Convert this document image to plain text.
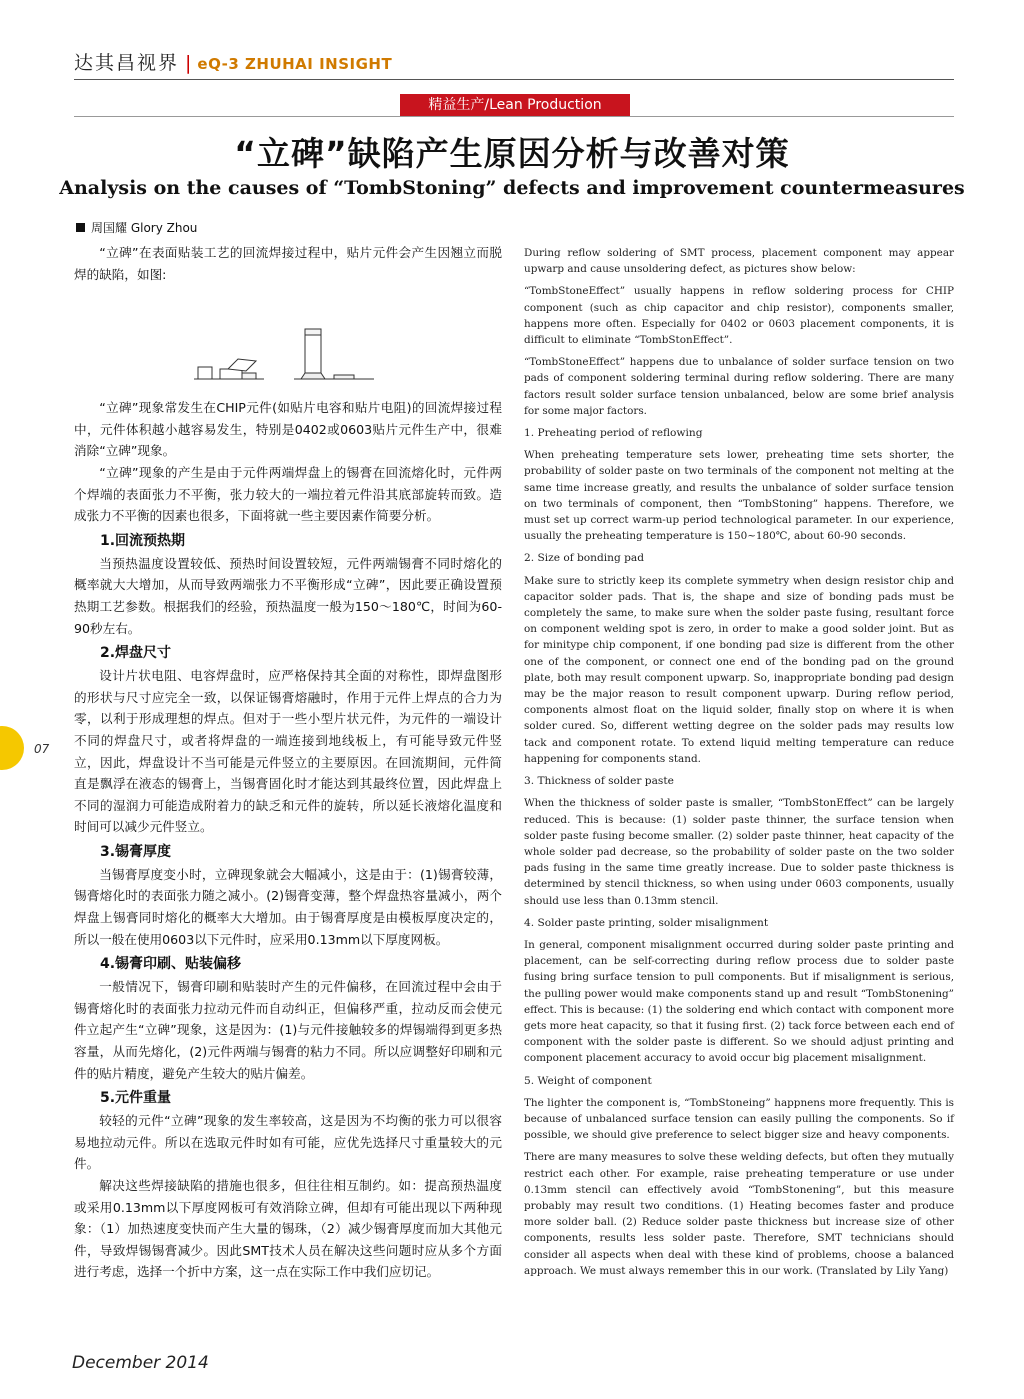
达其昌视界 | eQ-3 ZHUHAI INSIGHT
精益生产/Lean Production
“立碑”缺陷产生原因分析与改善对策
Analysis on the causes of “TombStoning” defects and improvement countermeasures
周国耀 Glory Zhou

“立碑”在表面贴装工艺的回流焊接过程中，贴片元件会产生因翘立而脱焊的缺陷，如图:

“立碑”现象常发生在CHIP元件(如贴片电容和贴片电阻)的回流焊接过程中，元件体积越小越容易发生，特别是0402或0603贴片元件生产中，很难消除“立碑”现象。

“立碑”现象的产生是由于元件两端焊盘上的锡膏在回流熔化时，元件两个焊端的表面张力不平衡，张力较大的一端拉着元件沿其底部旋转而致。造成张力不平衡的因素也很多，下面将就一些主要因素作简要分析。

1.回流预热期

当预热温度设置较低、预热时间设置较短，元件两端锡膏不同时熔化的概率就大大增加，从而导致两端张力不平衡形成“立碑”，因此要正确设置预热期工艺参数。根据我们的经验，预热温度一般为150～180℃，时间为60-90秒左右。

2.焊盘尺寸

设计片状电阻、电容焊盘时，应严格保持其全面的对称性，即焊盘图形的形状与尺寸应完全一致，以保证锡膏熔融时，作用于元件上焊点的合力为零，以利于形成理想的焊点。但对于一些小型片状元件，为元件的一端设计不同的焊盘尺寸，或者将焊盘的一端连接到地线板上，有可能导致元件竖立，因此，焊盘设计不当可能是元件竖立的主要原因。在回流期间，元件简直是飘浮在液态的锡膏上，当锡膏固化时才能达到其最终位置，因此焊盘上不同的湿润力可能造成附着力的缺乏和元件的旋转，所以延长液熔化温度和时间可以减少元件竖立。

3.锡膏厚度

当锡膏厚度变小时，立碑现象就会大幅减小，这是由于：(1)锡膏较薄，锡膏熔化时的表面张力随之减小。(2)锡膏变薄，整个焊盘热容量减小，两个焊盘上锡膏同时熔化的概率大大增加。由于锡膏厚度是由模板厚度决定的，所以一般在使用0603以下元件时，应采用0.13mm以下厚度网板。

4.锡膏印刷、贴装偏移

一般情况下，锡膏印刷和贴装时产生的元件偏移，在回流过程中会由于锡膏熔化时的表面张力拉动元件而自动纠正，但偏移严重，拉动反而会使元件立起产生“立碑”现象，这是因为：(1)与元件接触较多的焊锡端得到更多热容量，从而先熔化，(2)元件两端与锡膏的粘力不同。所以应调整好印刷和元件的贴片精度，避免产生较大的贴片偏差。

5.元件重量

较轻的元件“立碑”现象的发生率较高，这是因为不均衡的张力可以很容易地拉动元件。所以在选取元件时如有可能，应优先选择尺寸重量较大的元件。

解决这些焊接缺陷的措施也很多，但往往相互制约。如：提高预热温度或采用0.13mm以下厚度网板可有效消除立碑，但却有可能出现以下两种现象：（1）加热速度变快而产生大量的锡珠，（2）减少锡膏厚度而加大其他元件，导致焊锡锡膏减少。因此SMT技术人员在解决这些问题时应从多个方面进行考虑，选择一个折中方案，这一点在实际工作中我们应切记。

During reflow soldering of SMT process, placement component may appear upwarp and cause unsoldering defect, as pictures show below:

“TombStoneEffect” usually happens in reflow soldering process for CHIP component (such as chip capacitor and chip resistor), components smaller, happens more often. Especially for 0402 or 0603 placement components, it is difficult to eliminate “TombStonEffect”.

“TombStoneEffect” happens due to unbalance of solder surface tension on two pads of component soldering terminal during reflow soldering. There are many factors result solder surface tension unbalanced, below are some brief analysis for some major factors.

1. Preheating period of reflowing

When preheating temperature sets lower, preheating time sets shorter, the probability of solder paste on two terminals of the component not melting at the same time increase greatly, and results the unbalance of solder surface tension on two terminals of component, then “TombStoning” happens. Therefore, we must set up correct warm-up period technological parameter. In our experience, usually the preheating temperature is 150~180℃, about 60-90 seconds.

2. Size of bonding pad

Make sure to strictly keep its complete symmetry when design resistor chip and capacitor solder pads. That is, the shape and size of bonding pads must be completely the same, to make sure when the solder paste fusing, resultant force on component welding spot is zero, in order to make a good solder joint. But as for minitype chip component, if one bonding pad size is different from the other one of the component, or connect one end of the bonding pad on the ground plate, both may result component upwarp. So, inappropriate bonding pad design may be the major reason to result component upwarp. During reflow period, components almost float on the liquid solder, finally stop on where it is when solder cured. So, different wetting degree on the solder pads may results low tack and component rotate. To extend liquid melting temperature can reduce happening for components stand.

3. Thickness of solder paste

When the thickness of solder paste is smaller, “TombStonEffect” can be largely reduced. This is because: (1) solder paste thinner, the surface tension when solder paste fusing become smaller. (2) solder paste thinner, heat capacity of the whole solder pad decrease, so the probability of solder paste on the two solder pads fusing in the same time greatly increase. Due to solder paste thickness is determined by stencil thickness, so when using under 0603 components, usually should use less than 0.13mm stencil.

4. Solder paste printing, solder misalignment

In general, component misalignment occurred during solder paste printing and placement, can be self-correcting during reflow process due to solder paste fusing bring surface tension to pull components. But if misalignment is serious, the pulling power would make components stand up and result “TombStonening” effect. This is because: (1) the soldering end which contact with component more gets more heat capacity, so that it fusing first. (2) tack force between each end of component with the solder paste is different. So we should adjust printing and component placement accuracy to avoid occur big placement misalignment.

5. Weight of component

The lighter the component is, “TombStoneing” happnens more frequently. This is because of unbalanced surface tension can easily pulling the components. So if possible, we should give preference to select bigger size and heavy components.

There are many measures to solve these welding defects, but often they mutually restrict each other. For example, raise preheating temperature or use under 0.13mm stencil can effectively avoid “TombStonening”, but this measure probably may result two conditions. (1) Heating becomes faster and produce more solder ball. (2) Reduce solder paste thickness but increase size of other components, results less solder paste. Therefore, SMT technicians should consider all aspects when deal with these kind of problems, choose a balanced approach. We must always remember this in our work. (Translated by Lily Yang)

07
December 2014
